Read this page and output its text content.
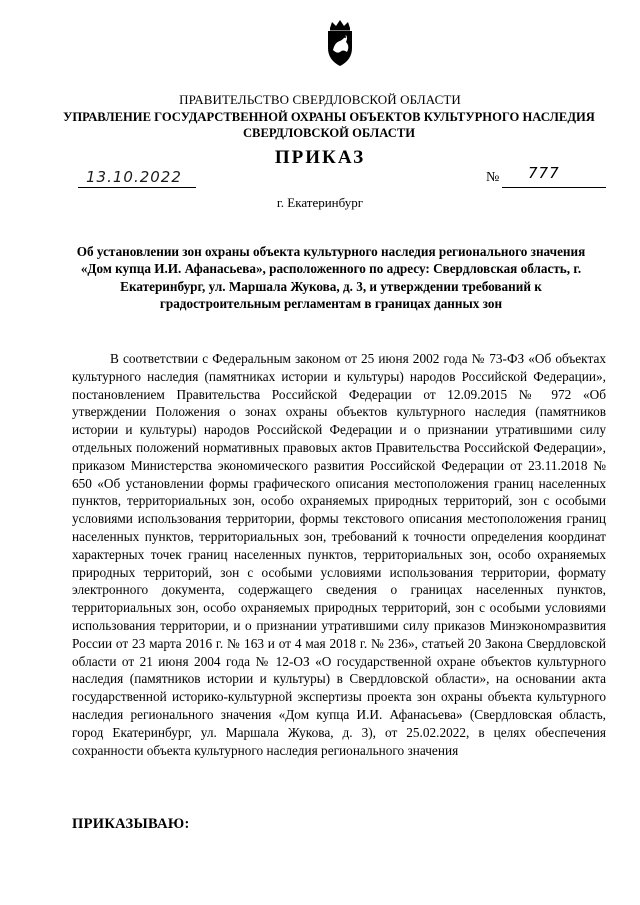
ПРАВИТЕЛЬСТВО СВЕРДЛОВСКОЙ ОБЛАСТИ
УПРАВЛЕНИЕ ГОСУДАРСТВЕННОЙ ОХРАНЫ ОБЪЕКТОВ КУЛЬТУРНОГО НАСЛЕДИЯ
СВЕРДЛОВСКОЙ ОБЛАСТИ
ПРИКАЗ
13.10.2022	№ 777
г. Екатеринбург
Об установлении зон охраны объекта культурного наследия регионального значения «Дом купца И.И. Афанасьева», расположенного по адресу: Свердловская область, г. Екатеринбург, ул. Маршала Жукова, д. 3, и утверждении требований к градостроительным регламентам в границах данных зон
В соответствии с Федеральным законом от 25 июня 2002 года № 73-ФЗ «Об объектах культурного наследия (памятниках истории и культуры) народов Российской Федерации», постановлением Правительства Российской Федерации от 12.09.2015 № 972 «Об утверждении Положения о зонах охраны объектов культурного наследия (памятников истории и культуры) народов Российской Федерации и о признании утратившими силу отдельных положений нормативных правовых актов Правительства Российской Федерации», приказом Министерства экономического развития Российской Федерации от 23.11.2018 № 650 «Об установлении формы графического описания местоположения границ населенных пунктов, территориальных зон, особо охраняемых природных территорий, зон с особыми условиями использования территории, формы текстового описания местоположения границ населенных пунктов, территориальных зон, требований к точности определения координат характерных точек границ населенных пунктов, территориальных зон, особо охраняемых природных территорий, зон с особыми условиями использования территории, формату электронного документа, содержащего сведения о границах населенных пунктов, территориальных зон, особо охраняемых природных территорий, зон с особыми условиями использования территории, и о признании утратившими силу приказов Минэкономразвития России от 23 марта 2016 г. № 163 и от 4 мая 2018 г. № 236», статьей 20 Закона Свердловской области от 21 июня 2004 года № 12-ОЗ «О государственной охране объектов культурного наследия (памятников истории и культуры) в Свердловской области», на основании акта государственной историко-культурной экспертизы проекта зон охраны объекта культурного наследия регионального значения «Дом купца И.И. Афанасьева» (Свердловская область, город Екатеринбург, ул. Маршала Жукова, д. 3), от 25.02.2022, в целях обеспечения сохранности объекта культурного наследия регионального значения
ПРИКАЗЫВАЮ:
